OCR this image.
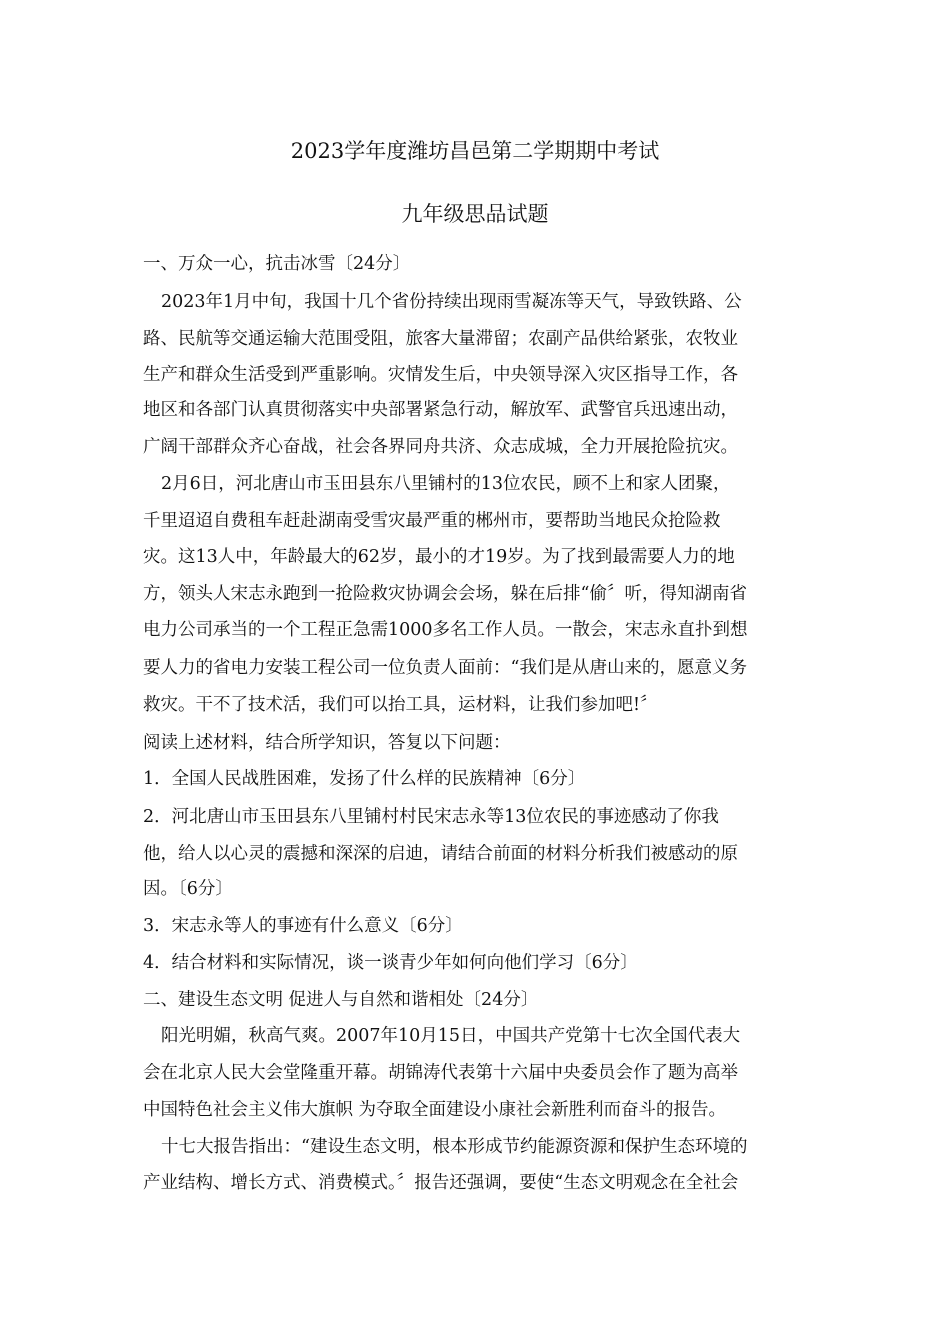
2023学年度潍坊昌邑第二学期期中考试
九年级思品试题
一、万众一心，抗击冰雪〔24分〕
2023年1月中旬，我国十几个省份持续出现雨雪凝冻等天气，导致铁路、公
路、民航等交通运输大范围受阻，旅客大量滞留；农副产品供给紧张，农牧业
生产和群众生活受到严重影响。灾情发生后，中央领导深入灾区指导工作，各
地区和各部门认真贯彻落实中央部署紧急行动，解放军、武警官兵迅速出动，
广阔干部群众齐心奋战，社会各界同舟共济、众志成城，全力开展抢险抗灾。
2月6日，河北唐山市玉田县东八里铺村的13位农民，顾不上和家人团聚，
千里迢迢自费租车赶赴湖南受雪灾最严重的郴州市，要帮助当地民众抢险救
灾。这13人中，年龄最大的62岁，最小的才19岁。为了找到最需要人力的地
方，领头人宋志永跑到一抢险救灾协调会会场，躲在后排“偷〞听，得知湖南省
电力公司承当的一个工程正急需1000多名工作人员。一散会，宋志永直扑到想
要人力的省电力安装工程公司一位负责人面前：“我们是从唐山来的，愿意义务
救灾。干不了技术活，我们可以抬工具，运材料，让我们参加吧!〞
阅读上述材料，结合所学知识，答复以下问题：
1．全国人民战胜困难，发扬了什么样的民族精神〔6分〕
2．河北唐山市玉田县东八里铺村村民宋志永等13位农民的事迹感动了你我
他，给人以心灵的震撼和深深的启迪，请结合前面的材料分析我们被感动的原
因。〔6分〕
3．宋志永等人的事迹有什么意义〔6分〕
4．结合材料和实际情况，谈一谈青少年如何向他们学习〔6分〕
二、建设生态文明 促进人与自然和谐相处〔24分〕
阳光明媚，秋高气爽。2007年10月15日，中国共产党第十七次全国代表大
会在北京人民大会堂隆重开幕。胡锦涛代表第十六届中央委员会作了题为高举
中国特色社会主义伟大旗帜 为夺取全面建设小康社会新胜利而奋斗的报告。
十七大报告指出：“建设生态文明，根本形成节约能源资源和保护生态环境的
产业结构、增长方式、消费模式。〞报告还强调，要使“生态文明观念在全社会
